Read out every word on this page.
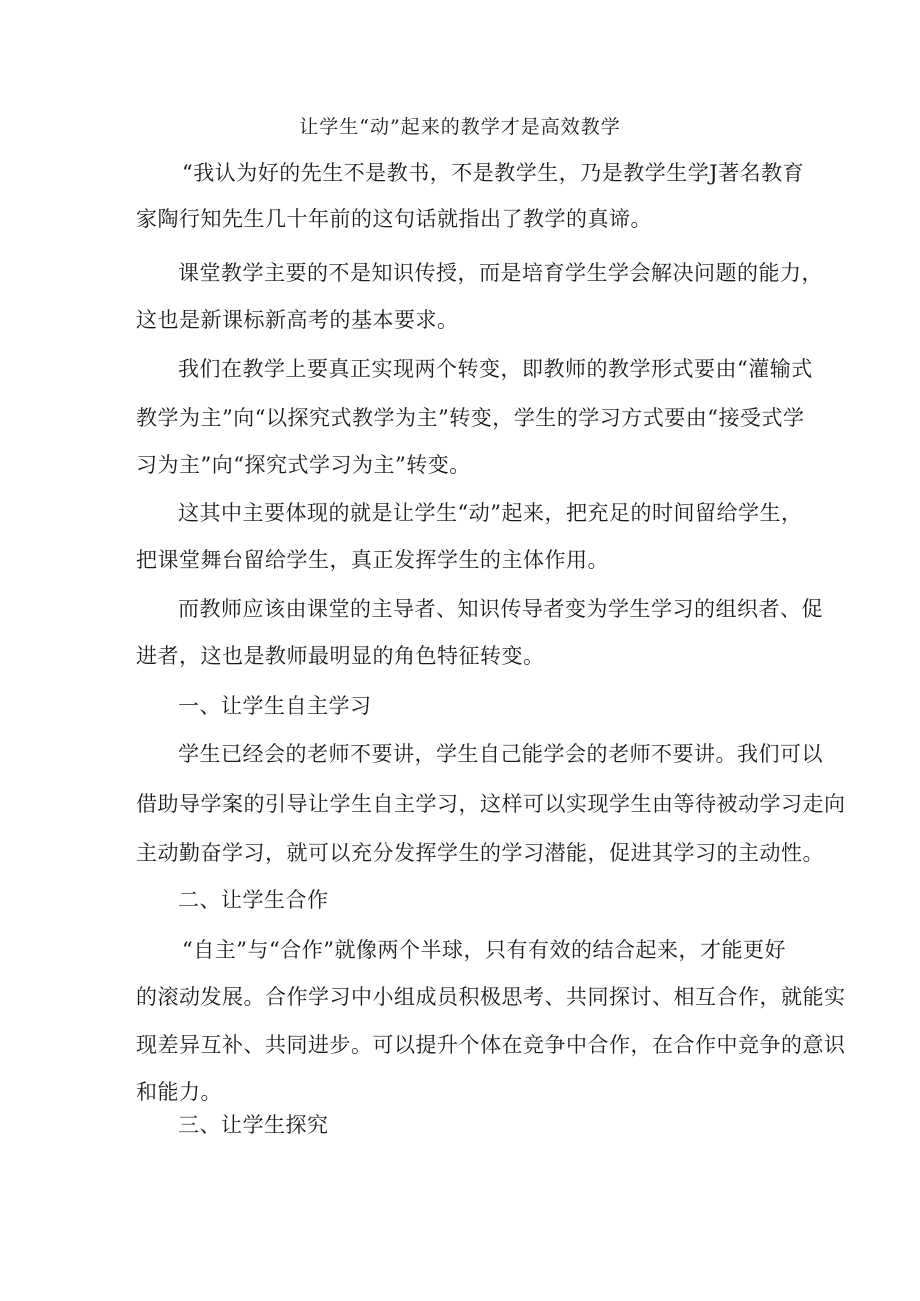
让学生“动”起来的教学才是高效教学
“我认为好的先生不是教书，不是教学生，乃是教学生学J著名教育
家陶行知先生几十年前的这句话就指出了教学的真谛。
课堂教学主要的不是知识传授，而是培育学生学会解决问题的能力，
这也是新课标新高考的基本要求。
我们在教学上要真正实现两个转变，即教师的教学形式要由“灌输式
教学为主”向“以探究式教学为主”转变，学生的学习方式要由“接受式学
习为主”向“探究式学习为主”转变。
这其中主要体现的就是让学生“动”起来，把充足的时间留给学生，
把课堂舞台留给学生，真正发挥学生的主体作用。
而教师应该由课堂的主导者、知识传导者变为学生学习的组织者、促
进者，这也是教师最明显的角色特征转变。
一、让学生自主学习
学生已经会的老师不要讲，学生自己能学会的老师不要讲。我们可以
借助导学案的引导让学生自主学习，这样可以实现学生由等待被动学习走向
主动勤奋学习，就可以充分发挥学生的学习潜能，促进其学习的主动性。
二、让学生合作
“自主”与“合作”就像两个半球，只有有效的结合起来，才能更好
的滚动发展。合作学习中小组成员积极思考、共同探讨、相互合作，就能实
现差异互补、共同进步。可以提升个体在竞争中合作，在合作中竞争的意识
和能力。
三、让学生探究
